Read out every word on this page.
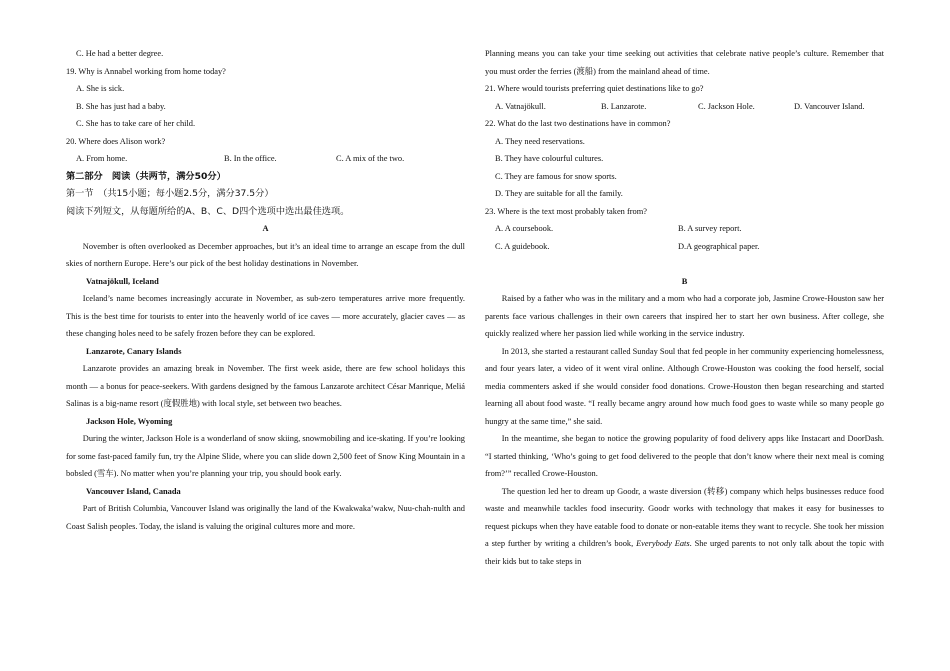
C. He had a better degree.
19. Why is Annabel working from home today?
A. She is sick.
B. She has just had a baby.
C. She has to take care of her child.
20. Where does Alison work?
A. From home.	B. In the office.	C. A mix of the two.
第二部分　阅读（共两节，满分50分）
第一节　（共15小题；每小题2.5分，满分37.5分）
阅读下列短文，从每题所给的A、B、C、D四个选项中选出最佳选项。
A
November is often overlooked as December approaches, but it’s an ideal time to arrange an escape from the dull skies of northern Europe. Here’s our pick of the best holiday destinations in November.
Vatnajökull, Iceland
Iceland’s name becomes increasingly accurate in November, as sub-zero temperatures arrive more frequently. This is the best time for tourists to enter into the heavenly world of ice caves — more accurately, glacier caves — as these changing holes need to be safely frozen before they can be explored.
Lanzarote, Canary Islands
Lanzarote provides an amazing break in November. The first week aside, there are few school holidays this month — a bonus for peace-seekers. With gardens designed by the famous Lanzarote architect César Manrique, Meliá Salinas is a big-name resort (度假胜地) with local style, set between two beaches.
Jackson Hole, Wyoming
During the winter, Jackson Hole is a wonderland of snow skiing, snowmobiling and ice-skating. If you’re looking for some fast-paced family fun, try the Alpine Slide, where you can slide down 2,500 feet of Snow King Mountain in a bobsled (雪车). No matter when you’re planning your trip, you should book early.
Vancouver Island, Canada
Part of British Columbia, Vancouver Island was originally the land of the Kwakwaka’wakw, Nuu-chah-nulth and Coast Salish peoples. Today, the island is valuing the original cultures more and more.
Planning means you can take your time seeking out activities that celebrate native people’s culture. Remember that you must order the ferries (渡船) from the mainland ahead of time.
21. Where would tourists preferring quiet destinations like to go?
A. Vatnajökull.	B. Lanzarote.	C. Jackson Hole.	D. Vancouver Island.
22. What do the last two destinations have in common?
A. They need reservations.
B. They have colourful cultures.
C. They are famous for snow sports.
D. They are suitable for all the family.
23. Where is the text most probably taken from?
A. A coursebook.	B. A survey report.
C. A guidebook.	D.A geographical paper.
B
Raised by a father who was in the military and a mom who had a corporate job, Jasmine Crowe-Houston saw her parents face various challenges in their own careers that inspired her to start her own business. After college, she quickly realized where her passion lied while working in the service industry.
In 2013, she started a restaurant called Sunday Soul that fed people in her community experiencing homelessness, and four years later, a video of it went viral online. Although Crowe-Houston was cooking the food herself, social media commenters asked if she would consider food donations. Crowe-Houston then began researching and started learning all about food waste. “I really became angry around how much food goes to waste while so many people go hungry at the same time,” she said.
In the meantime, she began to notice the growing popularity of food delivery apps like Instacart and DoorDash. “I started thinking, ‘Who’s going to get food delivered to the people that don’t know where their next meal is coming from?’” recalled Crowe-Houston.
The question led her to dream up Goodr, a waste diversion (转移) company which helps businesses reduce food waste and meanwhile tackles food insecurity. Goodr works with technology that makes it easy for businesses to request pickups when they have eatable food to donate or non-eatable items they want to recycle. She took her mission a step further by writing a children’s book, Everybody Eats. She urged parents to not only talk about the topic with their kids but to take steps in
